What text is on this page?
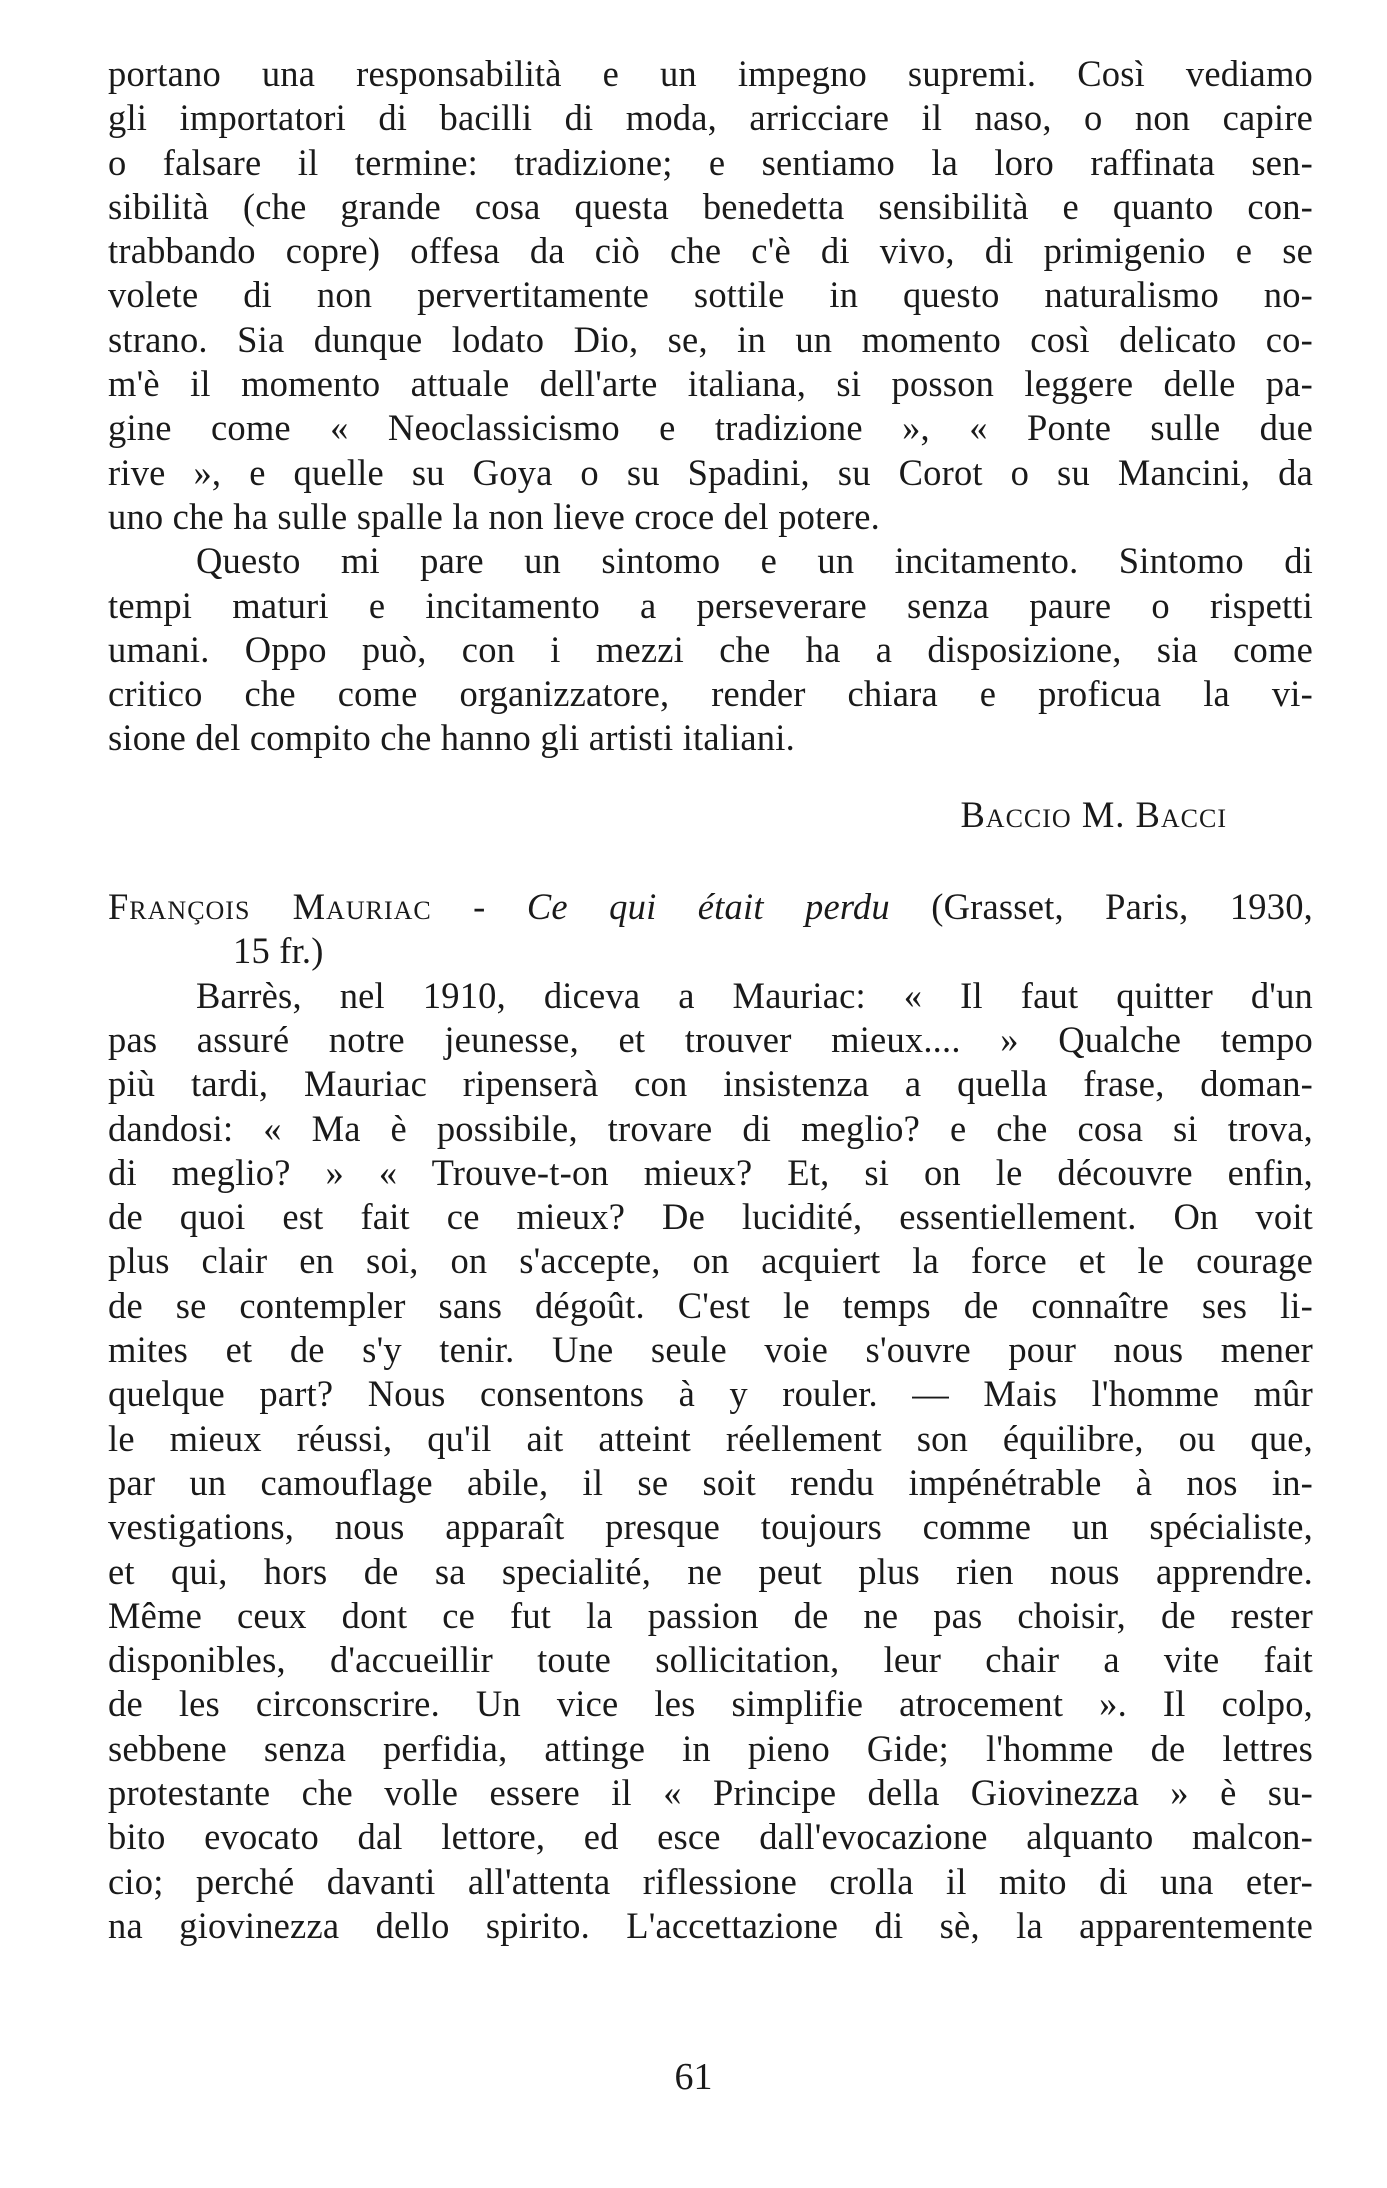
portano una responsabilità e un impegno supremi. Così vediamo
gli importatori di bacilli di moda, arricciare il naso, o non capire
o falsare il termine: tradizione; e sentiamo la loro raffinata sen-
sibilità (che grande cosa questa benedetta sensibilità e quanto con-
trabbando copre) offesa da ciò che c'è di vivo, di primigenio e se
volete di non pervertitamente sottile in questo naturalismo no-
strano. Sia dunque lodato Dio, se, in un momento così delicato co-
m'è il momento attuale dell'arte italiana, si posson leggere delle pa-
gine come « Neoclassicismo e tradizione », « Ponte sulle due
rive », e quelle su Goya o su Spadini, su Corot o su Mancini, da
uno che ha sulle spalle la non lieve croce del potere.
Questo mi pare un sintomo e un incitamento. Sintomo di
tempi maturi e incitamento a perseverare senza paure o rispetti
umani. Oppo può, con i mezzi che ha a disposizione, sia come
critico che come organizzatore, render chiara e proficua la vi-
sione del compito che hanno gli artisti italiani.
Baccio M. Bacci
François Mauriac - Ce qui était perdu (Grasset, Paris, 1930,
15 fr.)
Barrès, nel 1910, diceva a Mauriac: « Il faut quitter d'un
pas assuré notre jeunesse, et trouver mieux.... » Qualche tempo
più tardi, Mauriac ripenserà con insistenza a quella frase, doman-
dandosi: « Ma è possibile, trovare di meglio? e che cosa si trova,
di meglio? » « Trouve-t-on mieux? Et, si on le découvre enfin,
de quoi est fait ce mieux? De lucidité, essentiellement. On voit
plus clair en soi, on s'accepte, on acquiert la force et le courage
de se contempler sans dégoût. C'est le temps de connaître ses li-
mites et de s'y tenir. Une seule voie s'ouvre pour nous mener
quelque part? Nous consentons à y rouler. — Mais l'homme mûr
le mieux réussi, qu'il ait atteint réellement son équilibre, ou que,
par un camouflage abile, il se soit rendu impénétrable à nos in-
vestigations, nous apparaît presque toujours comme un spécialiste,
et qui, hors de sa specialité, ne peut plus rien nous apprendre.
Même ceux dont ce fut la passion de ne pas choisir, de rester
disponibles, d'accueillir toute sollicitation, leur chair a vite fait
de les circonscrire. Un vice les simplifie atrocement ». Il colpo,
sebbene senza perfidia, attinge in pieno Gide; l'homme de lettres
protestante che volle essere il « Principe della Giovinezza » è su-
bito evocato dal lettore, ed esce dall'evocazione alquanto malcon-
cio; perché davanti all'attenta riflessione crolla il mito di una eter-
na giovinezza dello spirito. L'accettazione di sè, la apparentemente
61
